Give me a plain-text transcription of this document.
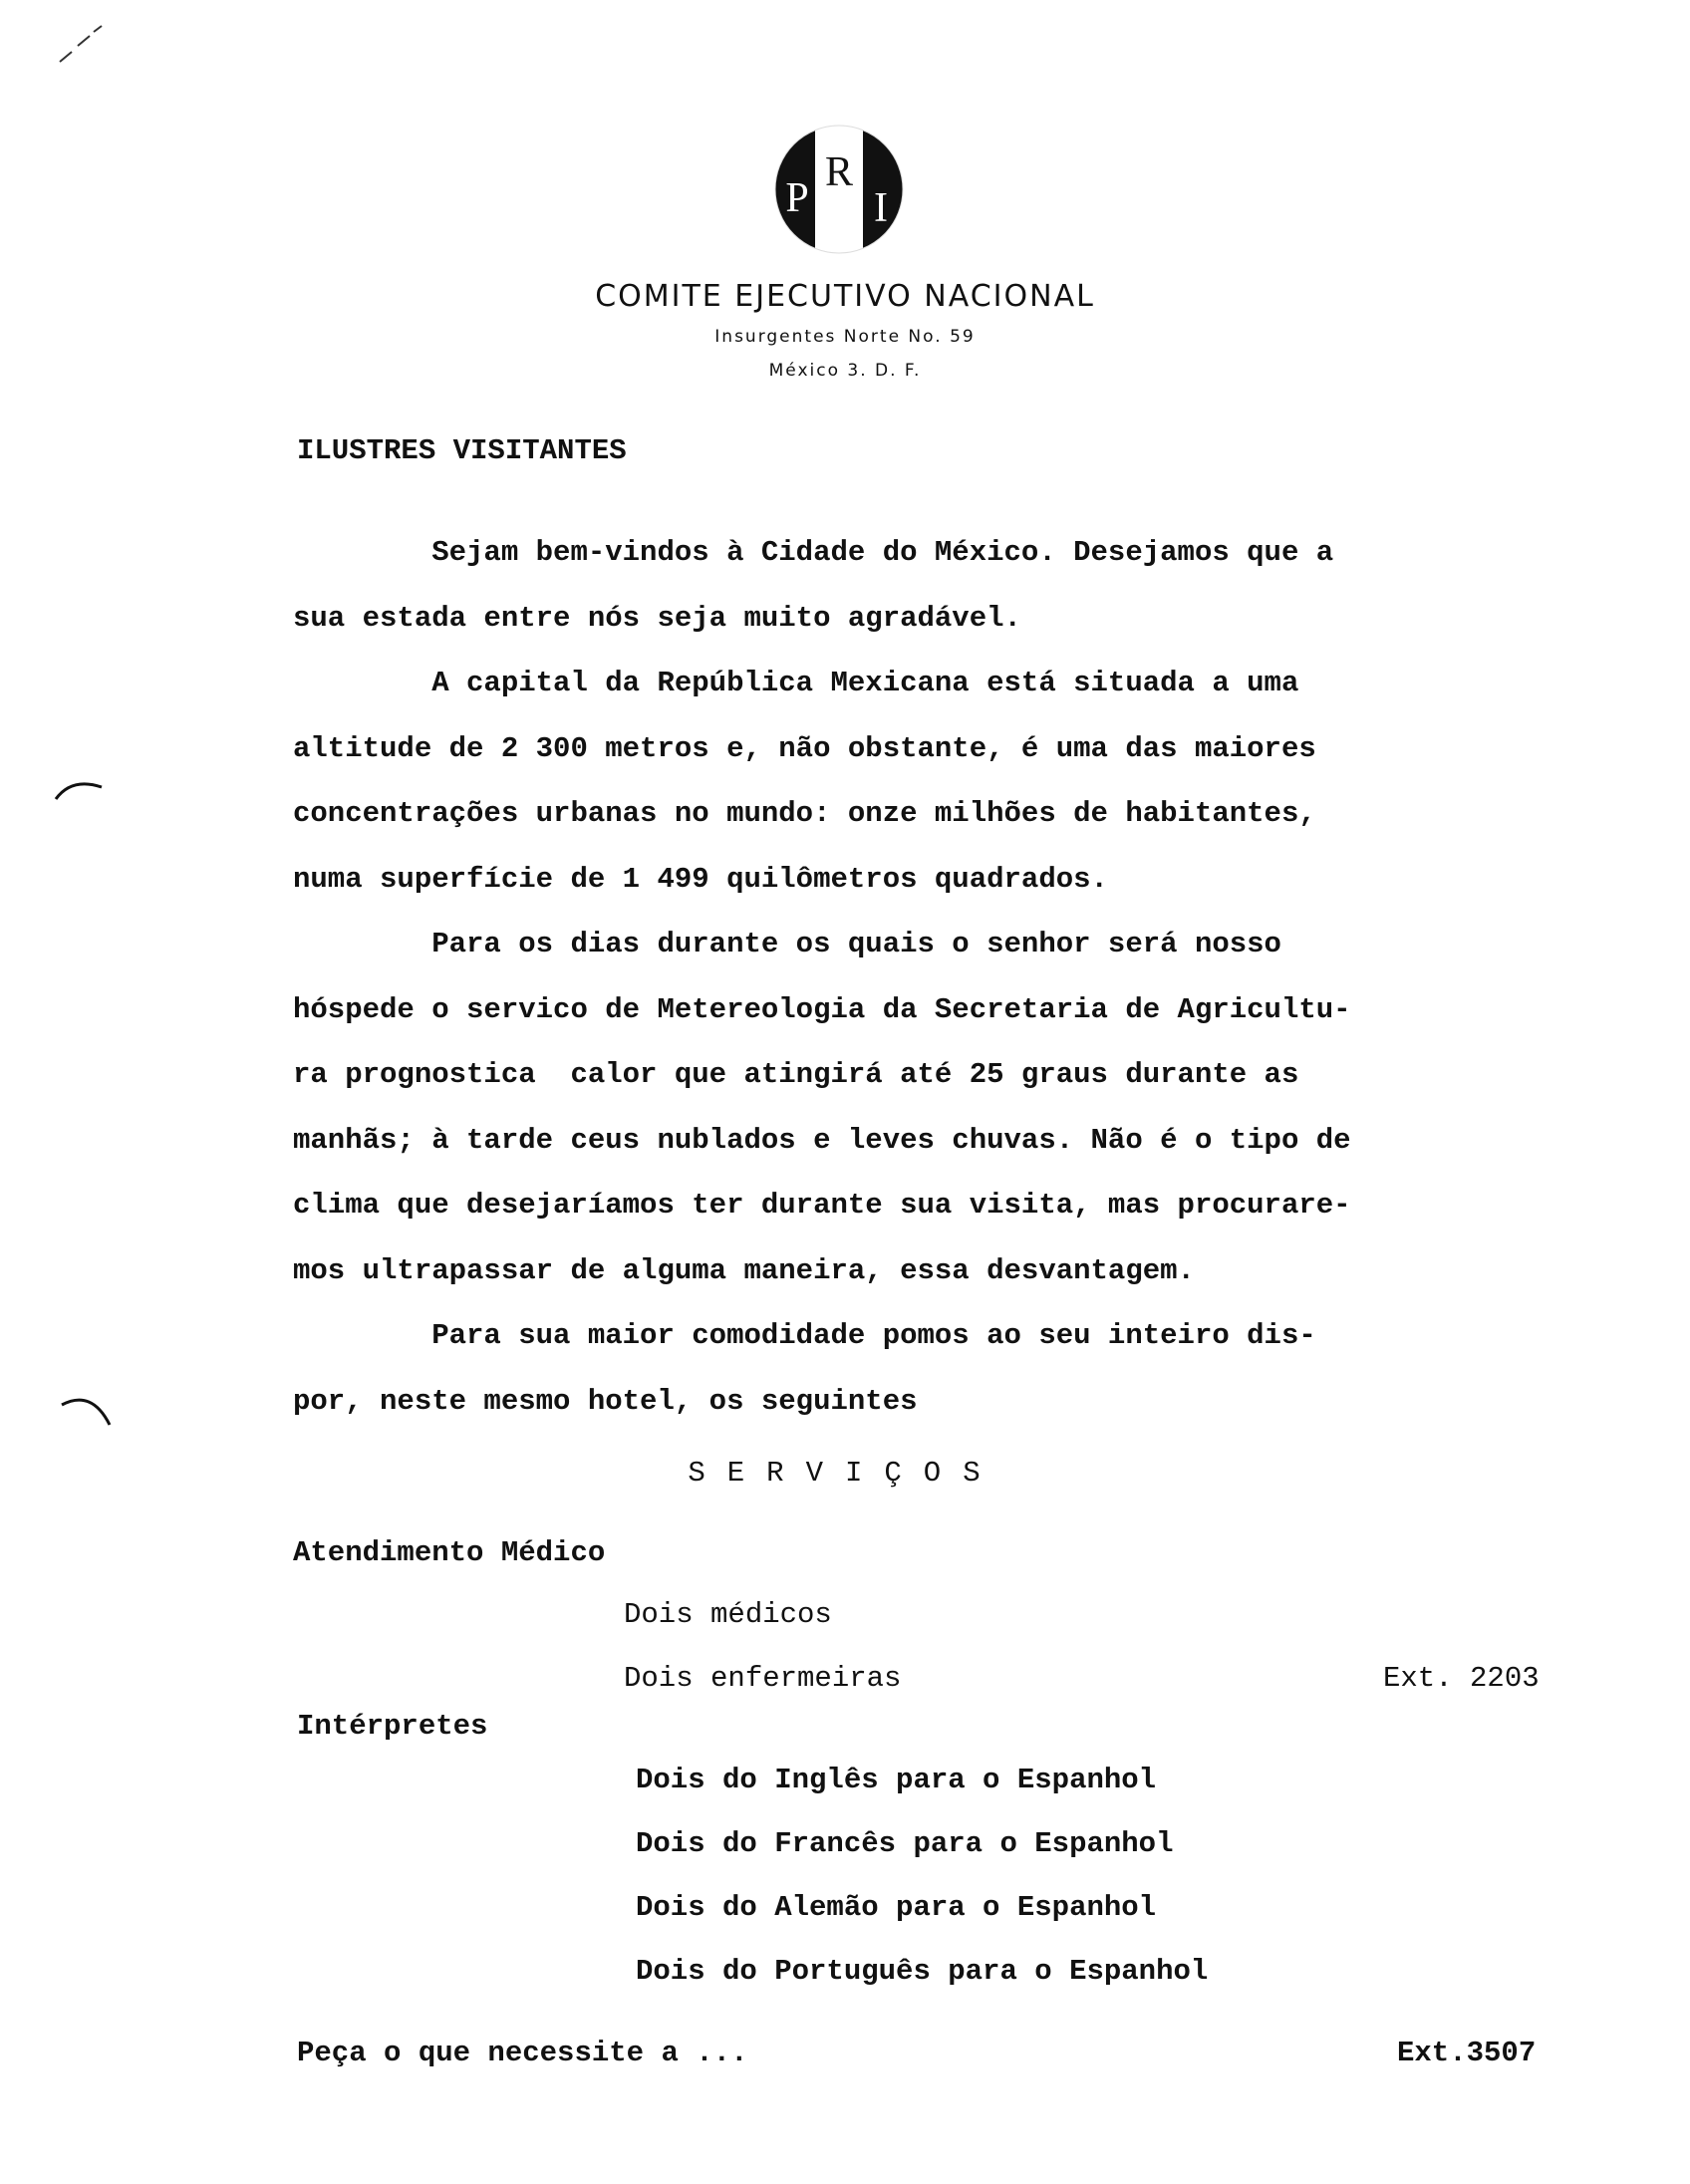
P
R
I
COMITE EJECUTIVO NACIONAL
Insurgentes Norte No. 59
México 3. D. F.
ILUSTRES VISITANTES
Sejam bem-vindos à Cidade do México. Desejamos que a
sua estada entre nós seja muito agradável.
A capital da República Mexicana está situada a uma
altitude de 2 300 metros e, não obstante, é uma das maiores
concentrações urbanas no mundo: onze milhões de habitantes,
numa superfície de 1 499 quilômetros quadrados.
Para os dias durante os quais o senhor será nosso
hóspede o servico de Metereologia da Secretaria de Agricultu-
ra prognostica  calor que atingirá até 25 graus durante as
manhãs; à tarde ceus nublados e leves chuvas. Não é o tipo de
clima que desejaríamos ter durante sua visita, mas procurare-
mos ultrapassar de alguma maneira, essa desvantagem.
Para sua maior comodidade pomos ao seu inteiro dis-
por, neste mesmo hotel, os seguintes
SERVIÇOS
Atendimento Médico
Dois médicos
Dois enfermeiras	Ext. 2203
Intérpretes
Dois do Inglês para o Espanhol
Dois do Francês para o Espanhol
Dois do Alemão para o Espanhol
Dois do Português para o Espanhol
Peça o que necessite a ...	Ext.3507
